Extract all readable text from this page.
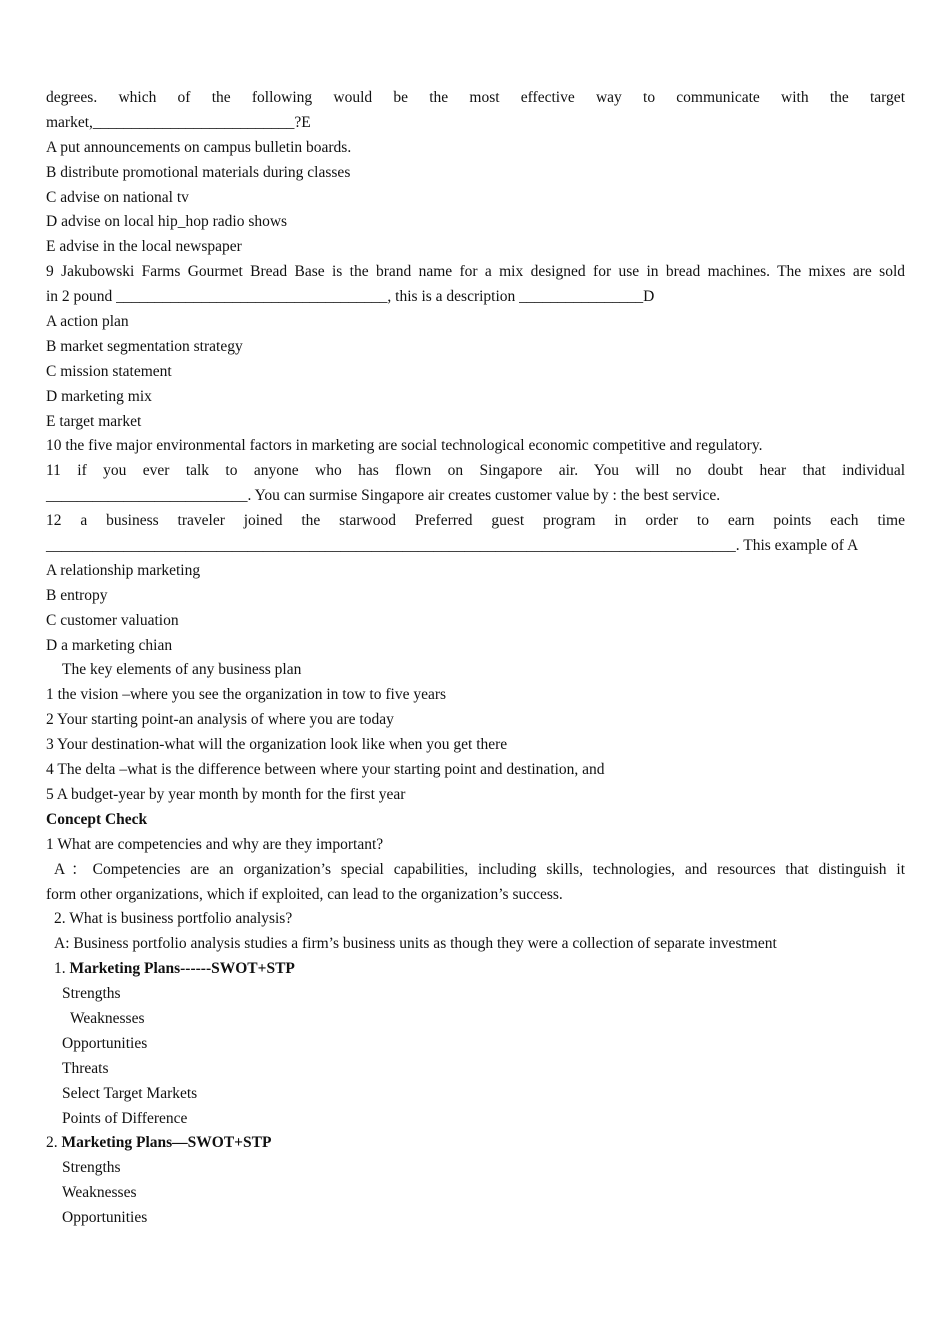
degrees. which of the following would be the most effective way to communicate with the target
market,__________________________?E
A put announcements on campus bulletin boards.
B distribute promotional materials during classes
C advise on national tv
D advise on local hip_hop radio shows
E advise in the local newspaper
9 Jakubowski Farms Gourmet Bread Base is the brand name for a mix designed for use in bread machines. The mixes are sold
in 2 pound ___________________________________, this is a description ________________D
A action plan
B market segmentation strategy
C mission statement
D marketing mix
E target market
10 the five major environmental factors in marketing are social technological economic competitive and regulatory.
11 if you ever talk to anyone who has flown on Singapore air. You will no doubt hear that individual
__________________________. You can surmise Singapore air creates customer value by : the best service.
12 a business traveler joined the starwood Preferred guest program in order to earn points each time
_________________________________________________________________________________________. This example of A
A relationship marketing
B entropy
C customer valuation
D a marketing chian
The key elements of any business plan
1 the vision –where you see the organization in tow to five years
2 Your starting point-an analysis of where you are today
3 Your destination-what will the organization look like when you get there
4 The delta –what is the difference between where your starting point and destination, and
5 A budget-year by year month by month for the first year
Concept Check
1 What are competencies and why are they important?
A：Competencies are an organization’s special capabilities, including skills, technologies, and resources that distinguish it
form other organizations, which if exploited, can lead to the organization’s success.
2. What is business portfolio analysis?
A: Business portfolio analysis studies a firm’s business units as though they were a collection of separate investment
1. Marketing Plans------SWOT+STP
Strengths
Weaknesses
Opportunities
Threats
Select Target Markets
Points of Difference
2. Marketing Plans—SWOT+STP
Strengths
Weaknesses
Opportunities
